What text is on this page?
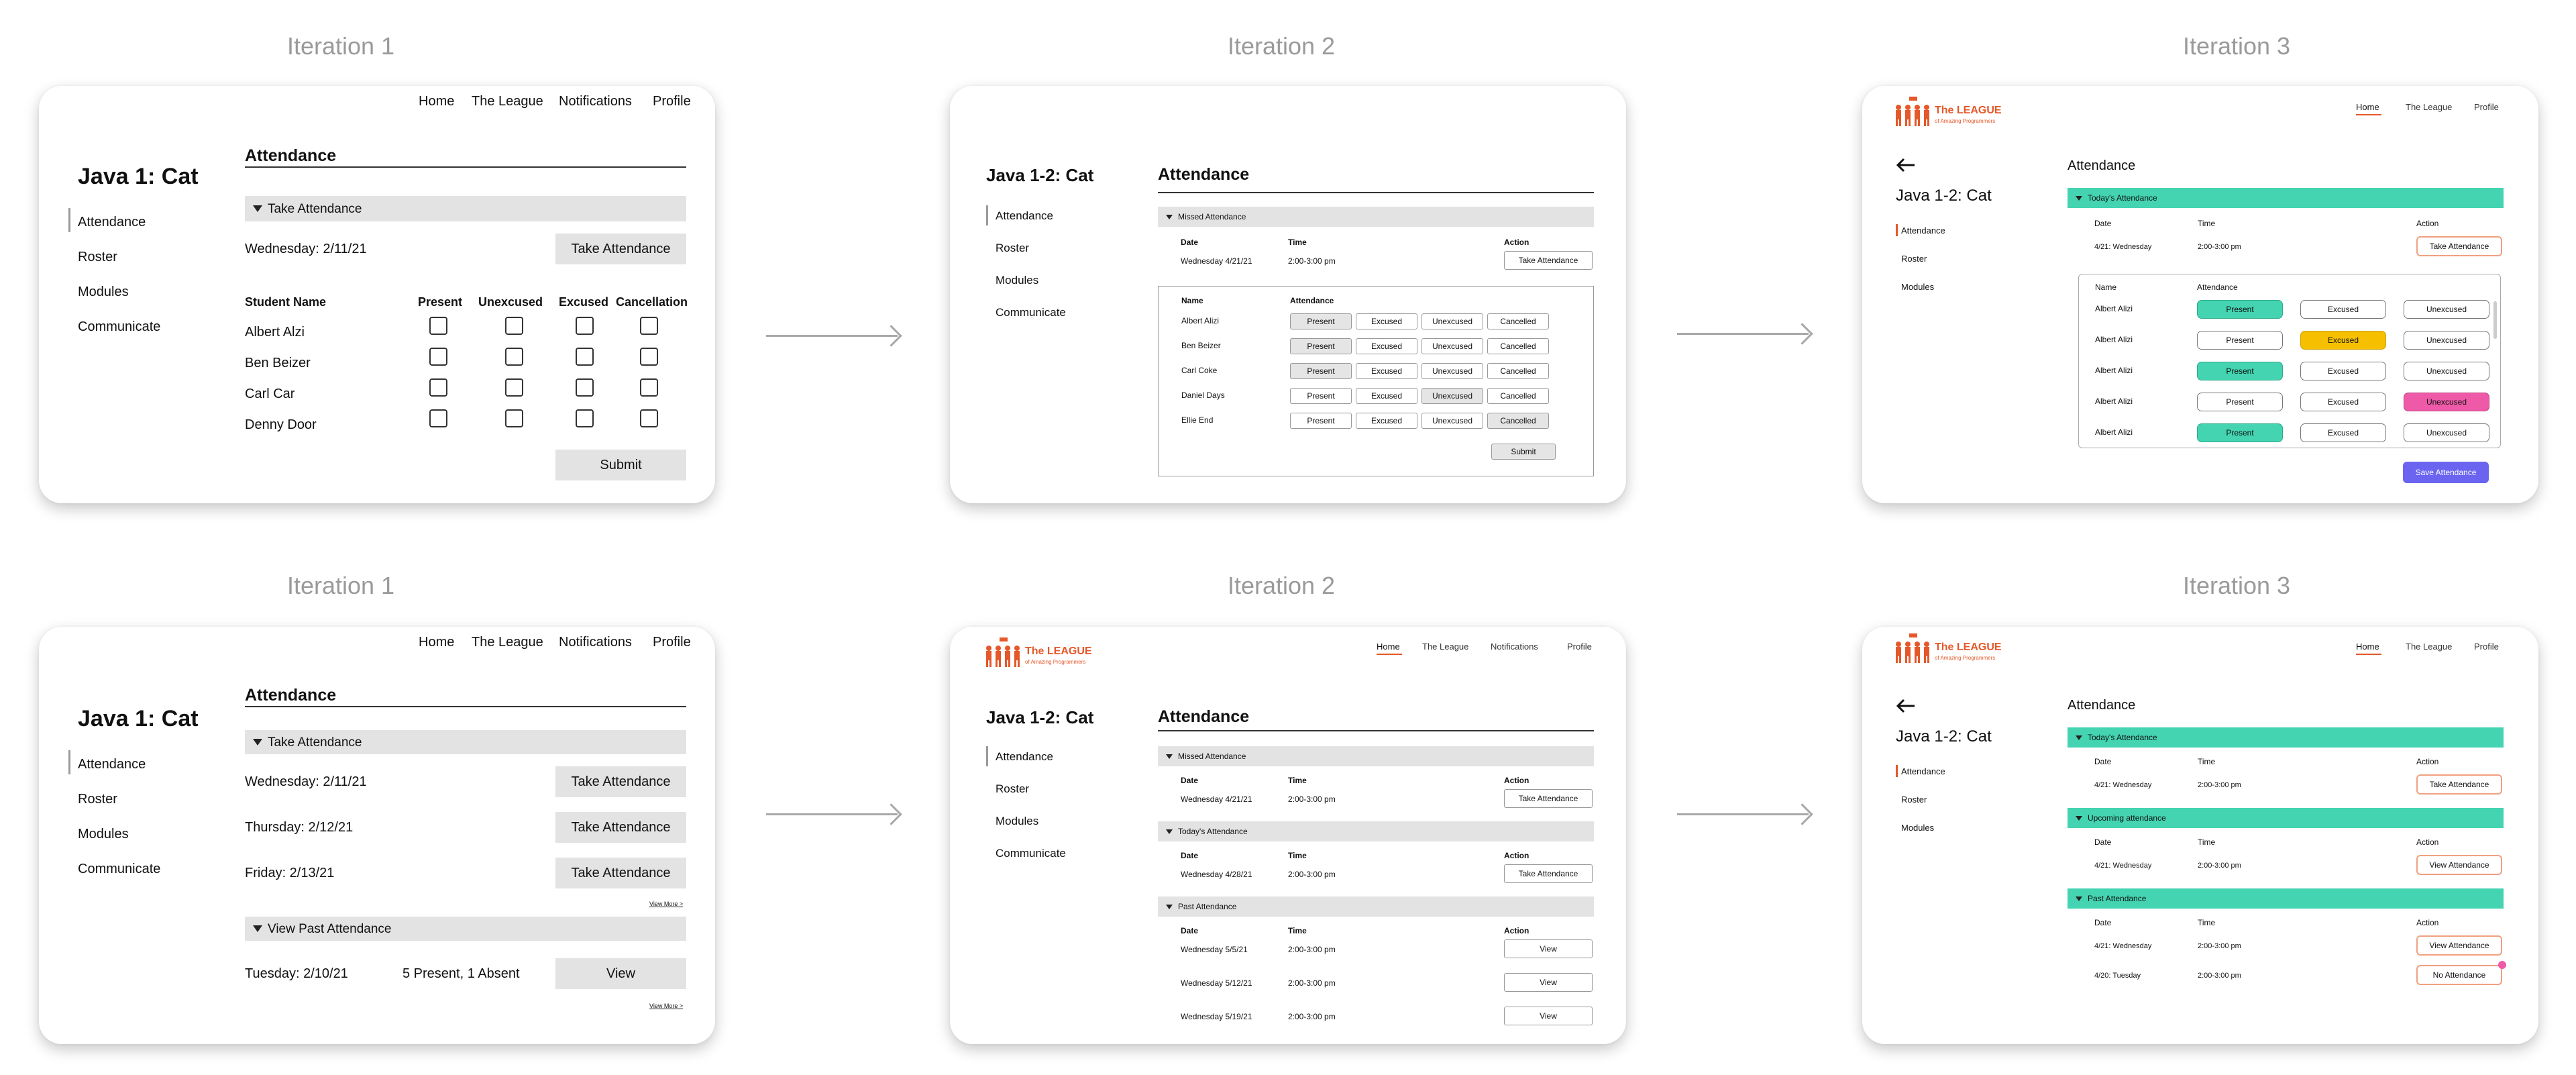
Iteration 1	Iteration 2	Iteration 3
Iteration 1	Iteration 2	Iteration 3
Home The League Notifications Profile
Java 1: Cat
Attendance
Roster
Modules
Communicate
Attendance
Take Attendance
Wednesday: 2/11/21	Take Attendance
Student Name	Present Unexcused Excused Cancellation
Albert Alzi
Ben Beizer
Carl Car
Denny Door
Submit
Java 1-2: Cat
Attendance
Roster
Modules
Communicate
Attendance
Missed Attendance
Date	Time	Action
Wednesday 4/21/21	2:00-3:00 pm	Take Attendance
Name	Attendance
Albert Alizi	Present	Excused	Unexcused	Cancelled
Ben Beizer	Present	Excused	Unexcused	Cancelled
Carl Coke	Present	Excused	Unexcused	Cancelled
Daniel Days	Present	Excused	Unexcused	Cancelled
Ellie End	Present	Excused	Unexcused	Cancelled
Submit
The LEAGUE
of Amazing Programmers
Home	The League	Profile
Java 1-2: Cat
Attendance
Roster
Modules
Attendance
Today's Attendance
Date	Time	Action
4/21: Wednesday	2:00-3:00 pm	Take Attendance
Name	Attendance
Albert Alizi	Present	Excused	Unexcused
Albert Alizi	Present	Excused	Unexcused
Albert Alizi	Present	Excused	Unexcused
Albert Alizi	Present	Excused	Unexcused
Albert Alizi	Present	Excused	Unexcused
Save Attendance
Home The League Notifications Profile
Java 1: Cat
Attendance
Roster
Modules
Communicate
Attendance
Take Attendance
Wednesday: 2/11/21	Take Attendance
Thursday: 2/12/21	Take Attendance
Friday: 2/13/21	Take Attendance
View More >
View Past Attendance
Tuesday: 2/10/21	5 Present, 1 Absent	View
View More >
The LEAGUE
of Amazing Programmers
Home	The League	Notifications	Profile
Java 1-2: Cat
Attendance
Roster
Modules
Communicate
Attendance
Missed Attendance
Date	Time	Action
Wednesday 4/21/21	2:00-3:00 pm	Take Attendance
Today's Attendance
Date	Time	Action
Wednesday 4/28/21	2:00-3:00 pm	Take Attendance
Past Attendance
Date	Time	Action
Wednesday 5/5/21	2:00-3:00 pm	View
Wednesday 5/12/21	2:00-3:00 pm	View
Wednesday 5/19/21	2:00-3:00 pm	View
The LEAGUE
of Amazing Programmers
Home	The League	Profile
Java 1-2: Cat
Attendance
Roster
Modules
Attendance
Today's Attendance
Date	Time	Action
4/21: Wednesday	2:00-3:00 pm	Take Attendance
Upcoming attendance
Date	Time	Action
4/21: Wednesday	2:00-3:00 pm	View Attendance
Past Attendance
Date	Time	Action
4/21: Wednesday	2:00-3:00 pm	View Attendance
4/20: Tuesday	2:00-3:00 pm	No Attendance
